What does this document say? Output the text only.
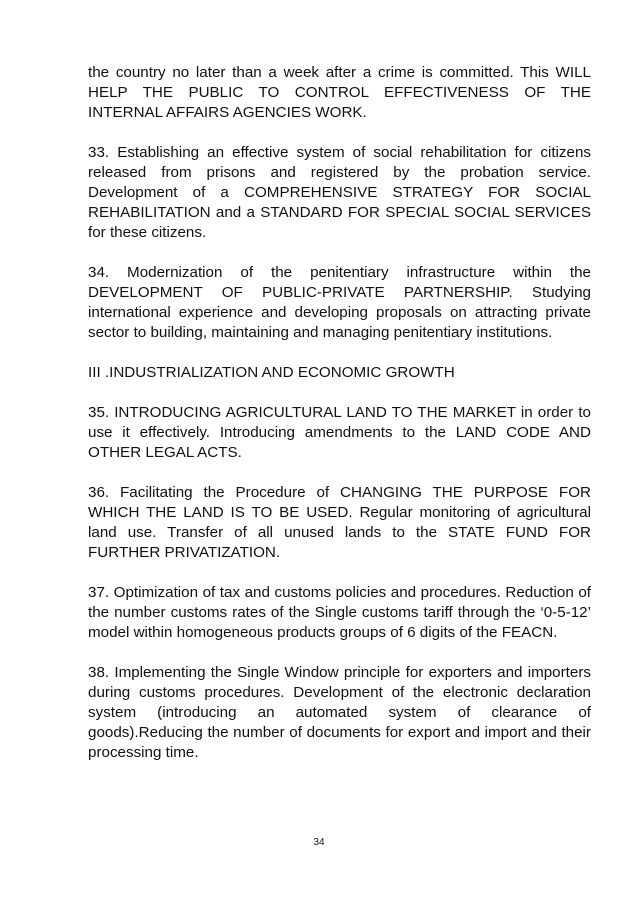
the country no later than a week after a crime is committed. This WILL HELP THE PUBLIC TO CONTROL EFFECTIVENESS OF THE INTERNAL AFFAIRS AGENCIES WORK.

33. Establishing an effective system of social rehabilitation for citizens released from prisons and registered by the probation service. Development of a COMPREHENSIVE STRATEGY FOR SOCIAL REHABILITATION and a STANDARD FOR SPECIAL SOCIAL SERVICES for these citizens.

34. Modernization of the penitentiary infrastructure within the DEVELOPMENT OF PUBLIC-PRIVATE PARTNERSHIP. Studying international experience and developing proposals on attracting private sector to building, maintaining and managing penitentiary institutions.

III .INDUSTRIALIZATION AND ECONOMIC GROWTH

35. INTRODUCING AGRICULTURAL LAND TO THE MARKET in order to use it effectively. Introducing amendments to the LAND CODE AND OTHER LEGAL ACTS.

36. Facilitating the Procedure of CHANGING THE PURPOSE FOR WHICH THE LAND IS TO BE USED. Regular monitoring of agricultural land use. Transfer of all unused lands to the STATE FUND FOR FURTHER PRIVATIZATION.

37. Optimization of tax and customs policies and procedures. Reduction of the number customs rates of the Single customs tariff through the ‘0-5-12’ model within homogeneous products groups of 6 digits of the FEACN.

38. Implementing the Single Window principle for exporters and importers during customs procedures. Development of the electronic declaration system (introducing an automated system of clearance of goods).Reducing the number of documents for export and import and their processing time.

34
